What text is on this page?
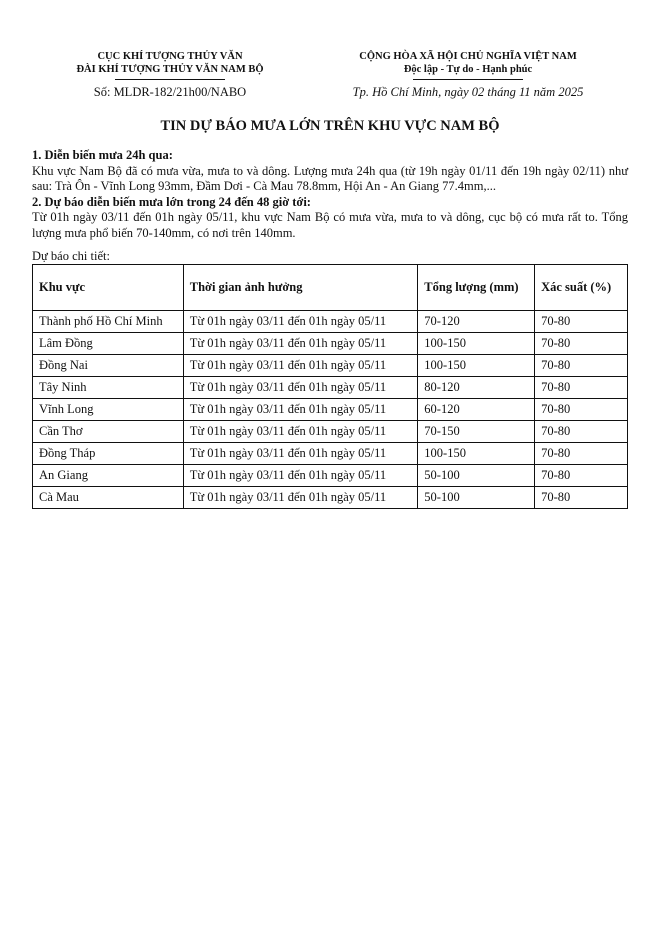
CỤC KHÍ TƯỢNG THỦY VĂN
ĐÀI KHÍ TƯỢNG THỦY VĂN NAM BỘ
CỘNG HÒA XÃ HỘI CHỦ NGHĨA VIỆT NAM
Độc lập - Tự do - Hạnh phúc
Số: MLDR-182/21h00/NABO	Tp. Hồ Chí Minh, ngày 02 tháng 11 năm 2025
TIN DỰ BÁO MƯA LỚN TRÊN KHU VỰC NAM BỘ

1. Diễn biến mưa 24h qua:

Khu vực Nam Bộ đã có mưa vừa, mưa to và dông. Lượng mưa 24h qua (từ 19h ngày 01/11 đến 19h ngày 02/11) như sau: Trà Ôn - Vĩnh Long 93mm, Đầm Dơi - Cà Mau 78.8mm, Hội An - An Giang 77.4mm,...

2. Dự báo diễn biến mưa lớn trong 24 đến 48 giờ tới:

Từ 01h ngày 03/11 đến 01h ngày 05/11, khu vực Nam Bộ có mưa vừa, mưa to và dông, cục bộ có mưa rất to. Tổng lượng mưa phổ biến 70-140mm, có nơi trên 140mm.

Dự báo chi tiết:

Khu vực	Thời gian ảnh hưởng	Tổng lượng (mm)	Xác suất (%)
Thành phố Hồ Chí Minh	Từ 01h ngày 03/11 đến 01h ngày 05/11	70-120	70-80
Lâm Đồng	Từ 01h ngày 03/11 đến 01h ngày 05/11	100-150	70-80
Đồng Nai	Từ 01h ngày 03/11 đến 01h ngày 05/11	100-150	70-80
Tây Ninh	Từ 01h ngày 03/11 đến 01h ngày 05/11	80-120	70-80
Vĩnh Long	Từ 01h ngày 03/11 đến 01h ngày 05/11	60-120	70-80
Cần Thơ	Từ 01h ngày 03/11 đến 01h ngày 05/11	70-150	70-80
Đồng Tháp	Từ 01h ngày 03/11 đến 01h ngày 05/11	100-150	70-80
An Giang	Từ 01h ngày 03/11 đến 01h ngày 05/11	50-100	70-80
Cà Mau	Từ 01h ngày 03/11 đến 01h ngày 05/11	50-100	70-80
